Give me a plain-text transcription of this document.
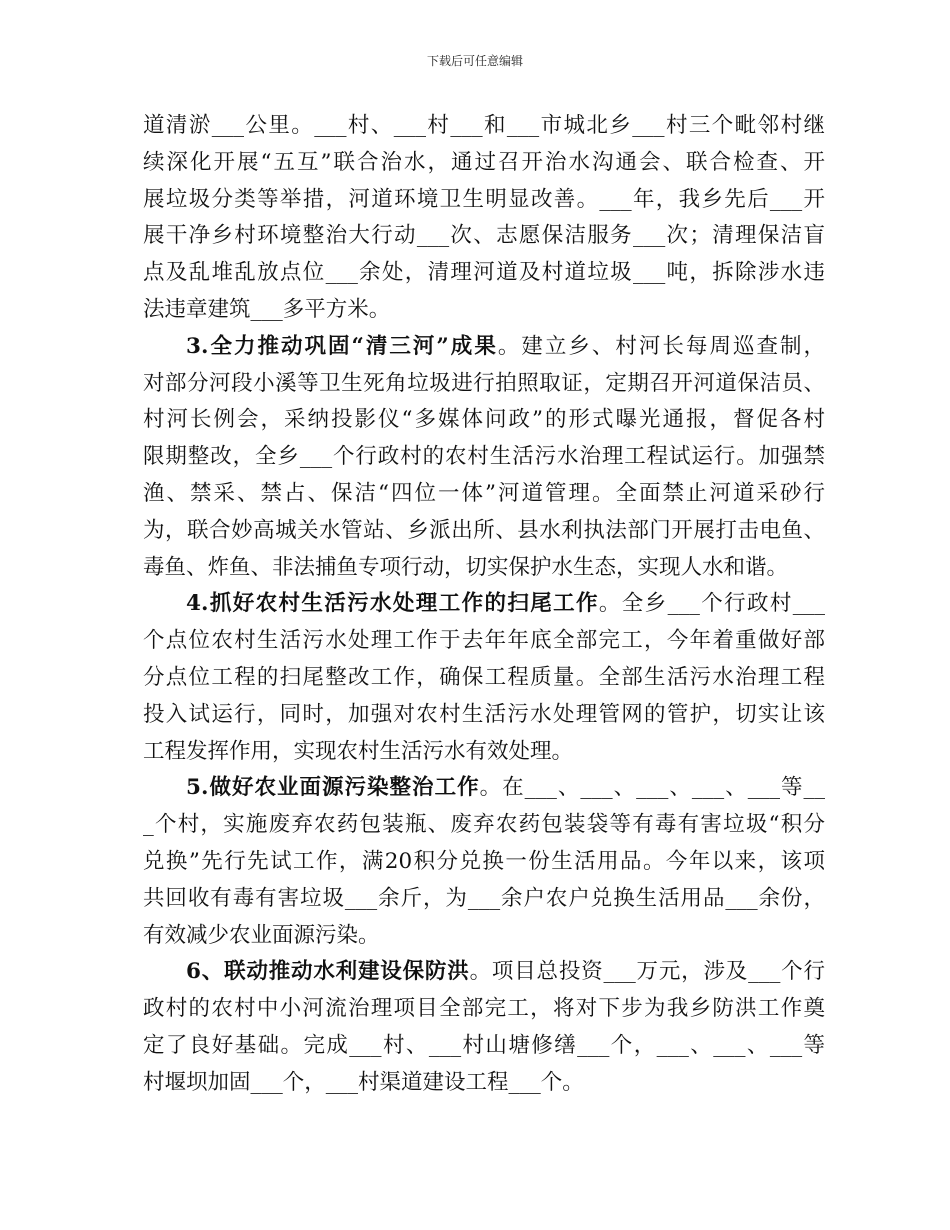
下载后可任意编辑
道清淤___公里。___村、___村___和___市城北乡___村三个毗邻村继
续深化开展“五互”联合治水，通过召开治水沟通会、联合检查、开
展垃圾分类等举措，河道环境卫生明显改善。___年，我乡先后___开
展干净乡村环境整治大行动___次、志愿保洁服务___次；清理保洁盲
点及乱堆乱放点位___余处，清理河道及村道垃圾___吨，拆除涉水违
法违章建筑___多平方米。
3.全力推动巩固“清三河”成果。建立乡、村河长每周巡查制，
对部分河段小溪等卫生死角垃圾进行拍照取证，定期召开河道保洁员、
村河长例会，采纳投影仪“多媒体问政”的形式曝光通报，督促各村
限期整改，全乡___个行政村的农村生活污水治理工程试运行。加强禁
渔、禁采、禁占、保洁“四位一体”河道管理。全面禁止河道采砂行
为，联合妙高城关水管站、乡派出所、县水利执法部门开展打击电鱼、
毒鱼、炸鱼、非法捕鱼专项行动，切实保护水生态，实现人水和谐。
4.抓好农村生活污水处理工作的扫尾工作。全乡___个行政村___
个点位农村生活污水处理工作于去年年底全部完工，今年着重做好部
分点位工程的扫尾整改工作，确保工程质量。全部生活污水治理工程
投入试运行，同时，加强对农村生活污水处理管网的管护，切实让该
工程发挥作用，实现农村生活污水有效处理。
5.做好农业面源污染整治工作。在___、___、___、___、___等__
_个村，实施废弃农药包装瓶、废弃农药包装袋等有毒有害垃圾“积分
兑换”先行先试工作，满20积分兑换一份生活用品。今年以来，该项
共回收有毒有害垃圾___余斤，为___余户农户兑换生活用品___余份，
有效减少农业面源污染。
6、联动推动水利建设保防洪。项目总投资___万元，涉及___个行
政村的农村中小河流治理项目全部完工，将对下步为我乡防洪工作奠
定了良好基础。完成___村、___村山塘修缮___个，___、___、___等
村堰坝加固___个，___村渠道建设工程___个。
